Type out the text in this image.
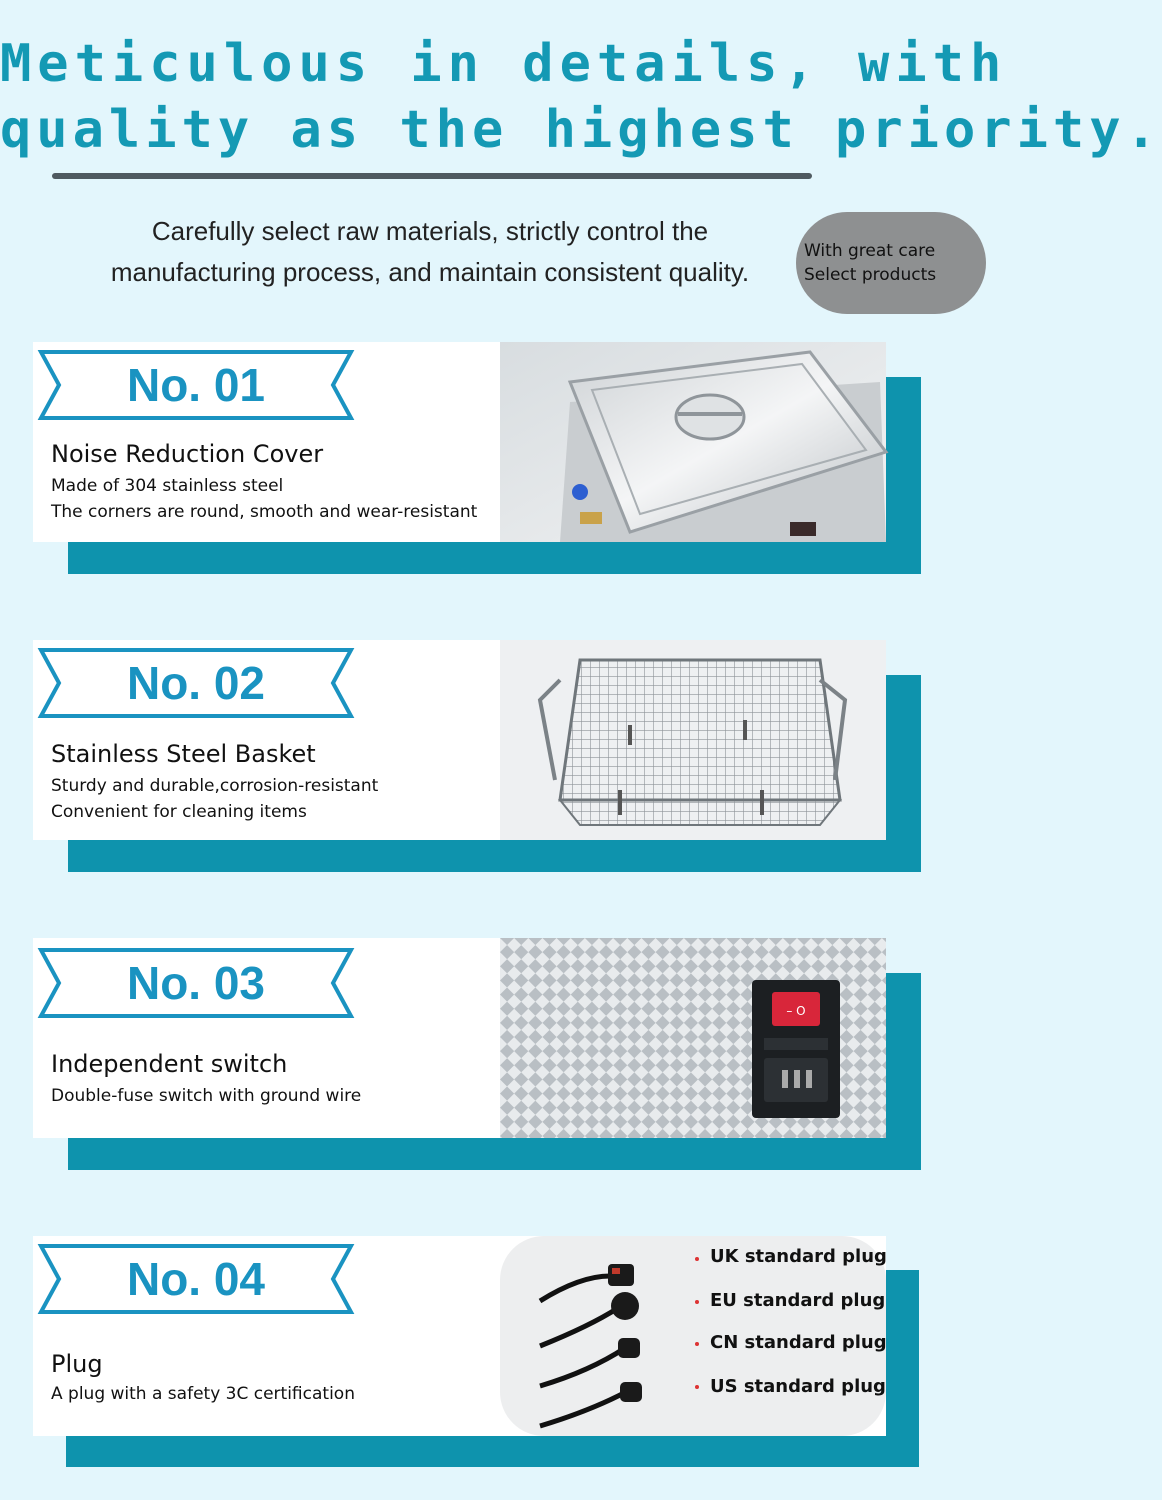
Meticulous in details, with
quality as the highest priority.
Carefully select raw materials, strictly control the
manufacturing process, and maintain consistent quality.
With great care
Select products
No. 01
Noise Reduction Cover
Made of 304 stainless steel
The corners are round, smooth and wear-resistant
No. 02
Stainless Steel Basket
Sturdy and durable,corrosion-resistant
Convenient for cleaning items
No. 03
Independent switch
Double-fuse switch with ground wire
– O
No. 04
Plug
A plug with a safety 3C certification
UK standard plug
EU standard plug
CN standard plug
US standard plug
